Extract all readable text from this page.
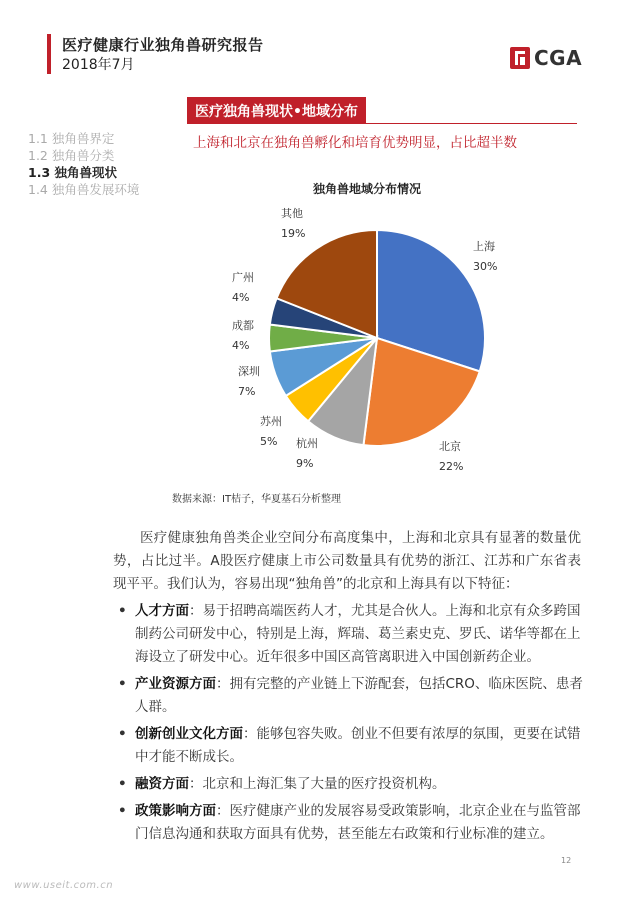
医疗健康行业独角兽研究报告
2018年7月	CGA
医疗独角兽现状•地域分布
上海和北京在独角兽孵化和培育优势明显，占比超半数
1.1 独角兽界定
1.2 独角兽分类
1.3 独角兽现状
1.4 独角兽发展环境	独角兽地域分布情况
上海
30%
北京
22%
杭州
9%
苏州
5%
深圳
7%
成都
4%
广州
4%
其他
19%
数据来源：IT桔子，华夏基石分析整理

医疗健康独角兽类企业空间分布高度集中，上海和北京具有显著的数量优势，占比过半。A股医疗健康上市公司数量具有优势的浙江、江苏和广东省表现平平。我们认为，容易出现“独角兽”的北京和上海具有以下特征：

• 人才方面：易于招聘高端医药人才，尤其是合伙人。上海和北京有众多跨国制药公司研发中心，特别是上海，辉瑞、葛兰素史克、罗氏、诺华等都在上海设立了研发中心。近年很多中国区高管离职进入中国创新药企业。
• 产业资源方面：拥有完整的产业链上下游配套，包括CRO、临床医院、患者人群。
• 创新创业文化方面：能够包容失败。创业不但要有浓厚的氛围，更要在试错中才能不断成长。
• 融资方面：北京和上海汇集了大量的医疗投资机构。
• 政策影响方面：医疗健康产业的发展容易受政策影响，北京企业在与监管部门信息沟通和获取方面具有优势，甚至能左右政策和行业标准的建立。
12
www.useit.com.cn
